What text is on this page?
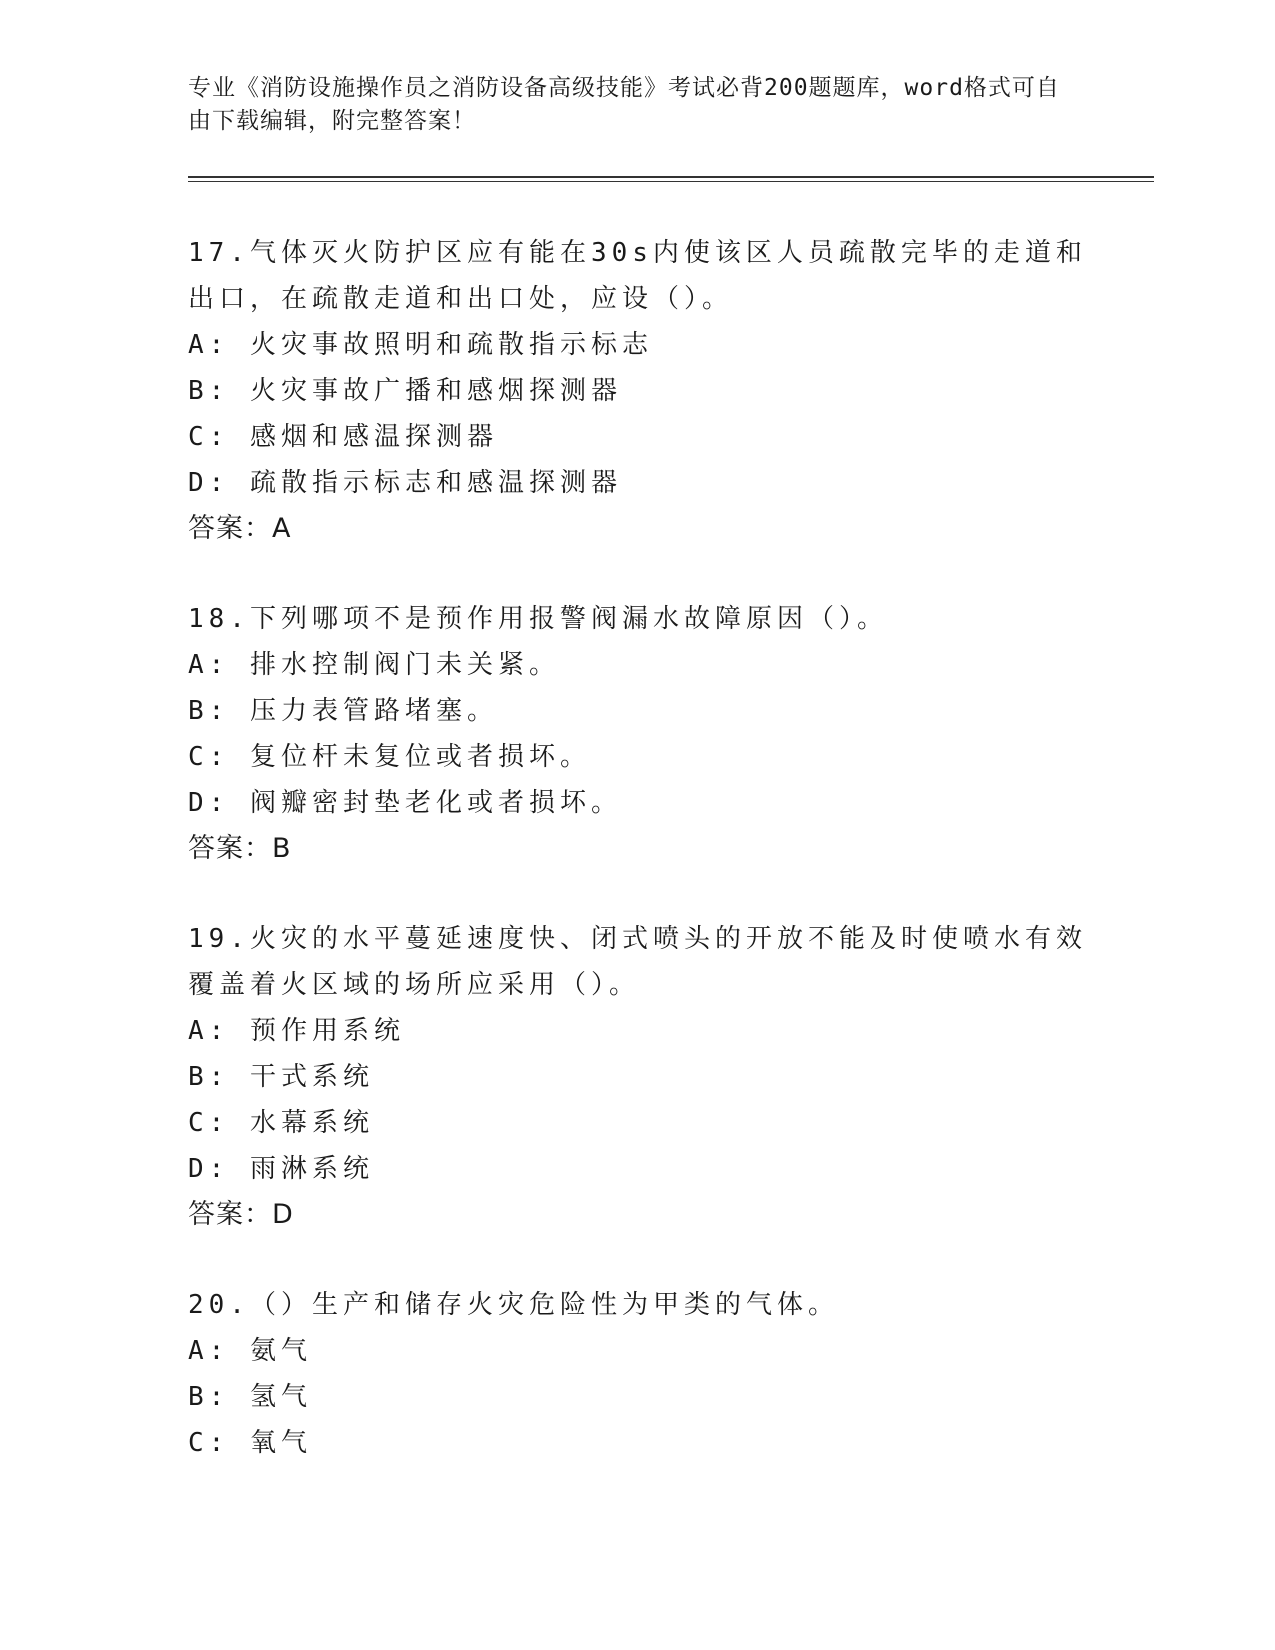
专业《消防设施操作员之消防设备高级技能》考试必背200题题库，word格式可自由下载编辑，附完整答案！
17.气体灭火防护区应有能在30s内使该区人员疏散完毕的走道和出口，在疏散走道和出口处，应设（）。
A: 火灾事故照明和疏散指示标志
B: 火灾事故广播和感烟探测器
C: 感烟和感温探测器
D: 疏散指示标志和感温探测器
答案：A
18.下列哪项不是预作用报警阀漏水故障原因（）。
A: 排水控制阀门未关紧。
B: 压力表管路堵塞。
C: 复位杆未复位或者损坏。
D: 阀瓣密封垫老化或者损坏。
答案：B
19.火灾的水平蔓延速度快、闭式喷头的开放不能及时使喷水有效覆盖着火区域的场所应采用（）。
A: 预作用系统
B: 干式系统
C: 水幕系统
D: 雨淋系统
答案：D
20.（）生产和储存火灾危险性为甲类的气体。
A: 氨气
B: 氢气
C: 氧气
